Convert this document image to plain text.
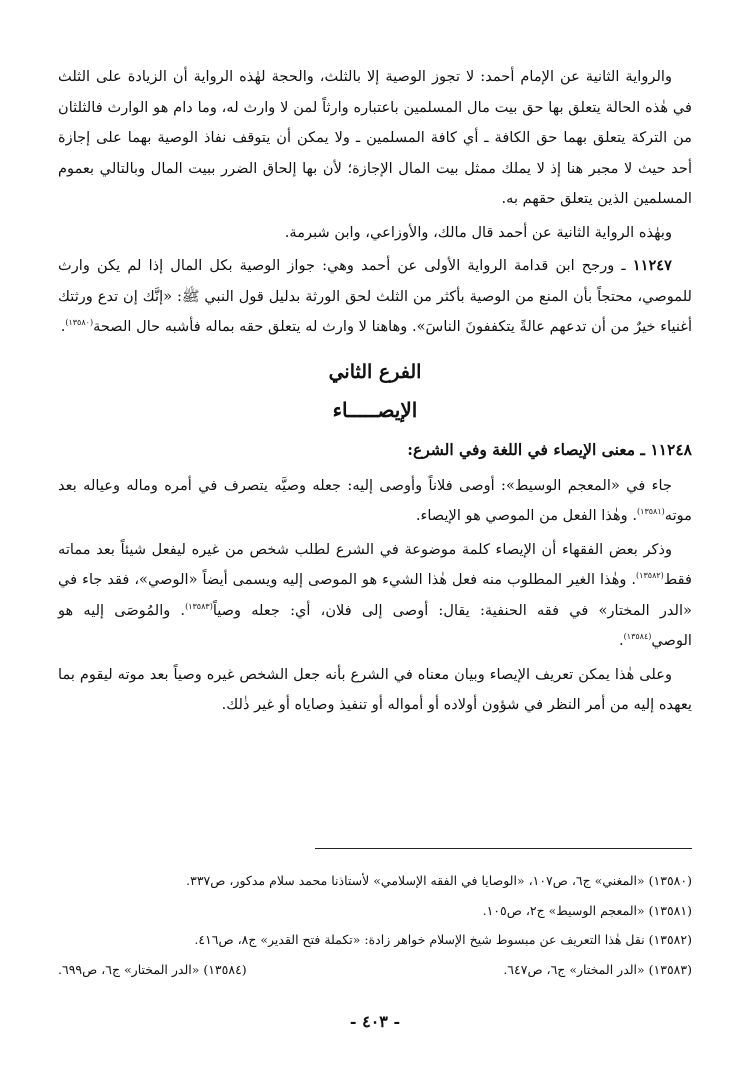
والرواية الثانية عن الإمام أحمد: لا تجوز الوصية إلا بالثلث، والحجة لهٰذه الرواية أن الزيادة على الثلث في هٰذه الحالة يتعلق بها حق بيت مال المسلمين باعتباره وارثاً لمن لا وارث له، وما دام هو الوارث فالثلثان من التركة يتعلق بهما حق الكافة ـ أي كافة المسلمين ـ ولا يمكن أن يتوقف نفاذ الوصية بهما على إجازة أحد حيث لا مجبر هنا إذ لا يملك ممثل بيت المال الإجازة؛ لأن بها إلحاق الضرر ببيت المال وبالتالي بعموم المسلمين الذين يتعلق حقهم به.

وبهٰذه الرواية الثانية عن أحمد قال مالك، والأوزاعي، وابن شبرمة.

١١٢٤٧ ـ ورجح ابن قدامة الرواية الأولى عن أحمد وهي: جواز الوصية بكل المال إذا لم يكن وارث للموصي، محتجاً بأن المنع من الوصية بأكثر من الثلث لحق الورثة بدليل قول النبي ﷺ: «إنَّك إن تدع ورثتك أغنياء خيرٌ من أن تدعهم عالةً يتكففونَ الناسَ». وهاهنا لا وارث له يتعلق حقه بماله فأشبه حال الصحة$^{(١٣٥٨٠)}$.

الفرع الثاني
الإيصـــــاء

١١٢٤٨ ـ معنى الإيصاء في اللغة وفي الشرع:

جاء في «المعجم الوسيط»: أوصى فلاناً وأوصى إليه: جعله وصيَّه يتصرف في أمره وماله وعياله بعد موته$^{(١٣٥٨١)}$. وهٰذا الفعل من الموصي هو الإيصاء.

وذكر بعض الفقهاء أن الإيصاء كلمة موضوعة في الشرع لطلب شخص من غيره ليفعل شيئاً بعد مماته فقط$^{(١٣٥٨٢)}$. وهٰذا الغير المطلوب منه فعل هٰذا الشيء هو الموصى إليه ويسمى أيضاً «الوصي»، فقد جاء في «الدر المختار» في فقه الحنفية: يقال: أوصى إلى فلان، أي: جعله وصياً$^{(١٣٥٨٣)}$. والمُوصَى إليه هو الوصي$^{(١٣٥٨٤)}$.

وعلى هٰذا يمكن تعريف الإيصاء وبيان معناه في الشرع بأنه جعل الشخص غيره وصياً بعد موته ليقوم بما يعهده إليه من أمر النظر في شؤون أولاده أو أمواله أو تنفيذ وصاياه أو غير ذٰلك.

(١٣٥٨٠) «المغني» ج٦، ص١٠٧، «الوصايا في الفقه الإسلامي» لأستاذنا محمد سلام مدكور، ص٣٣٧.

(١٣٥٨١) «المعجم الوسيط» ج٢، ص١٠٥.

(١٣٥٨٢) نقل هٰذا التعريف عن مبسوط شيخ الإسلام خواهر زادة: «تكملة فتح القدير» ج٨، ص٤١٦.

(١٣٥٨٣) «الدر المختار» ج٦، ص٦٤٧.
(١٣٥٨٤) «الدر المختار» ج٦، ص٦٩٩.
- ٤٠٣ -
